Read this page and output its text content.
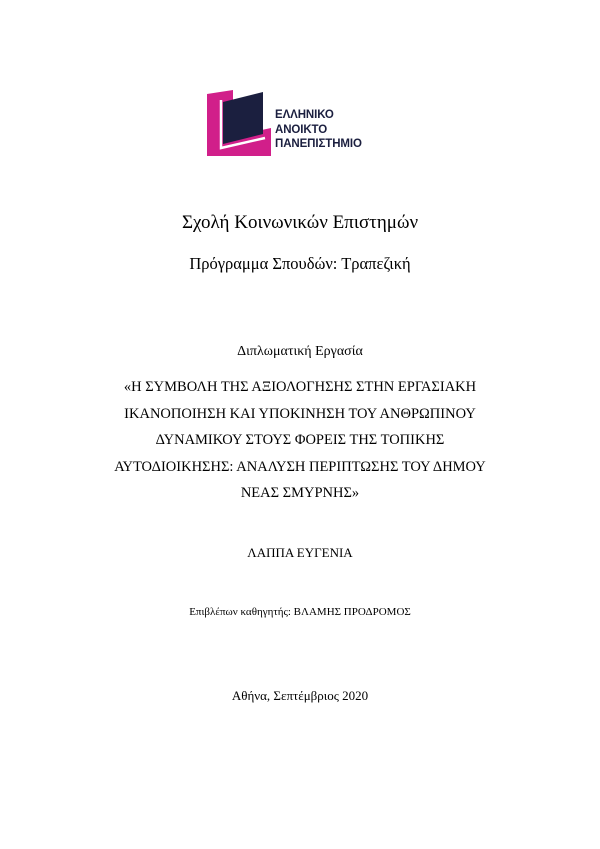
ΕΛΛΗΝΙΚΟ
ΑΝΟΙΚΤΟ
ΠΑΝΕΠΙΣΤΗΜΙΟ
Σχολή Κοινωνικών Επιστημών
Πρόγραμμα Σπουδών: Τραπεζική
Διπλωματική Εργασία
«Η ΣΥΜΒΟΛΗ ΤΗΣ ΑΞΙΟΛΟΓΗΣΗΣ ΣΤΗΝ ΕΡΓΑΣΙΑΚΗ
ΙΚΑΝΟΠΟΙΗΣΗ ΚΑΙ ΥΠΟΚΙΝΗΣΗ ΤΟΥ ΑΝΘΡΩΠΙΝΟΥ
ΔΥΝΑΜΙΚΟΥ ΣΤΟΥΣ ΦΟΡΕΙΣ ΤΗΣ ΤΟΠΙΚΗΣ
ΑΥΤΟΔΙΟΙΚΗΣΗΣ: ΑΝΑΛΥΣΗ ΠΕΡΙΠΤΩΣΗΣ ΤΟΥ ΔΗΜΟΥ
ΝΕΑΣ ΣΜΥΡΝΗΣ»
ΛΑΠΠΑ ΕΥΓΕΝΙΑ
Επιβλέπων καθηγητής: ΒΛΑΜΗΣ ΠΡΟΔΡΟΜΟΣ
Αθήνα, Σεπτέμβριος 2020
